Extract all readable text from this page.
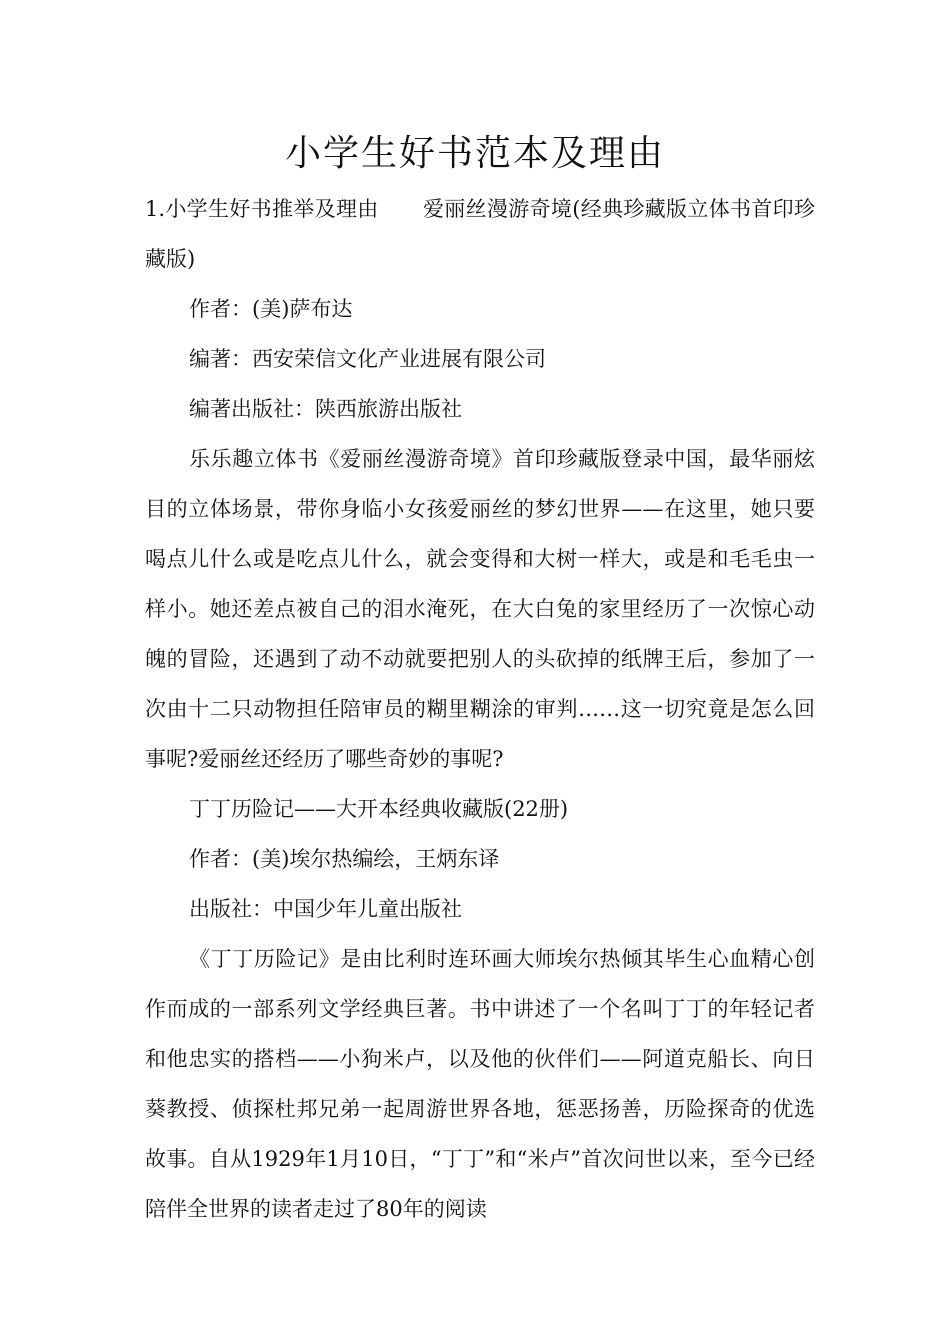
小学生好书范本及理由

1.小学生好书推举及理由 爱丽丝漫游奇境(经典珍藏版立体书首印珍藏版)

作者：(美)萨布达

编著：西安荣信文化产业进展有限公司

编著出版社：陕西旅游出版社

乐乐趣立体书《爱丽丝漫游奇境》首印珍藏版登录中国，最华丽炫目的立体场景，带你身临小女孩爱丽丝的梦幻世界——在这里，她只要喝点儿什么或是吃点儿什么，就会变得和大树一样大，或是和毛毛虫一样小。她还差点被自己的泪水淹死，在大白兔的家里经历了一次惊心动魄的冒险，还遇到了动不动就要把别人的头砍掉的纸牌王后，参加了一次由十二只动物担任陪审员的糊里糊涂的审判……这一切究竟是怎么回事呢?爱丽丝还经历了哪些奇妙的事呢?

丁丁历险记——大开本经典收藏版(22册)

作者：(美)埃尔热编绘，王炳东译

出版社：中国少年儿童出版社

《丁丁历险记》是由比利时连环画大师埃尔热倾其毕生心血精心创作而成的一部系列文学经典巨著。书中讲述了一个名叫丁丁的年轻记者和他忠实的搭档——小狗米卢，以及他的伙伴们——阿道克船长、向日葵教授、侦探杜邦兄弟一起周游世界各地，惩恶扬善，历险探奇的优选故事。自从1929年1月10日，“丁丁”和“米卢”首次问世以来，至今已经陪伴全世界的读者走过了80年的阅读
